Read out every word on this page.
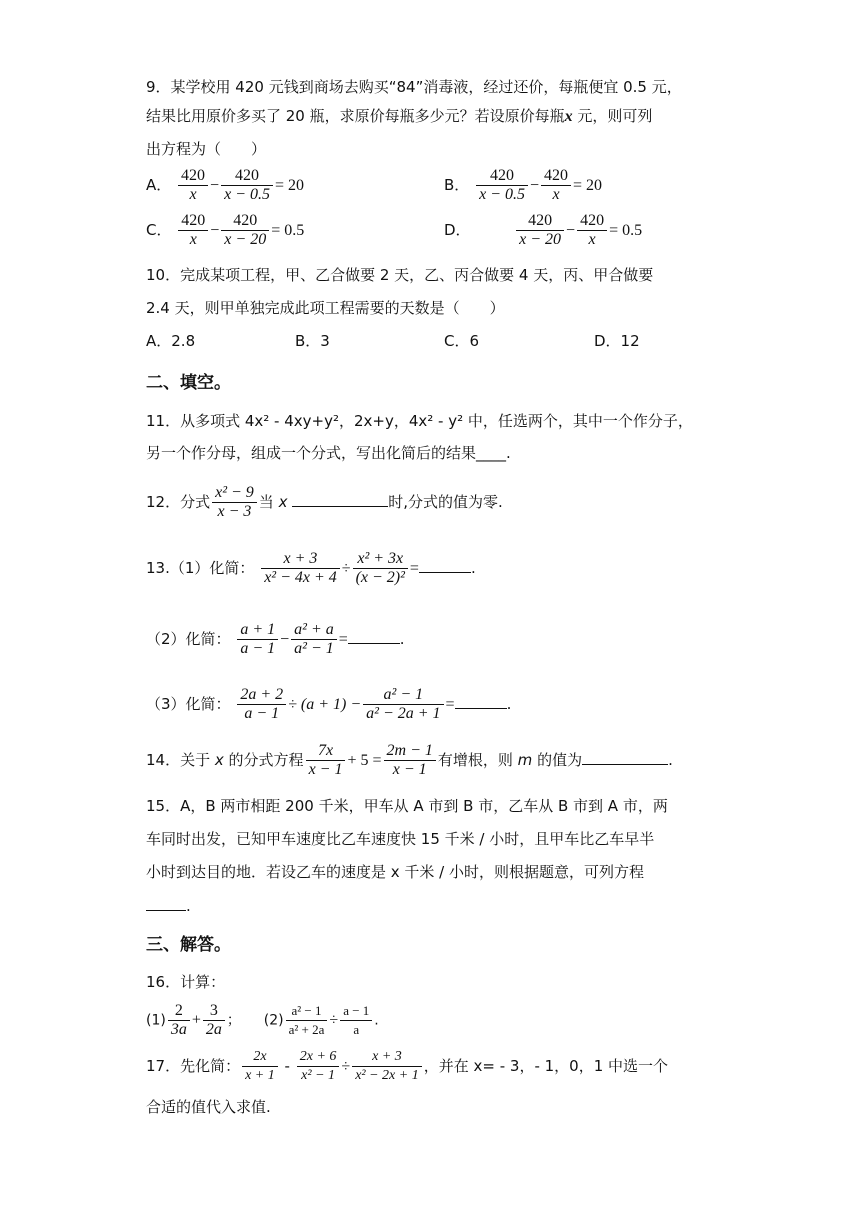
9．某学校用 420 元钱到商场去购买“84”消毒液，经过还价，每瓶便宜 0.5 元，
结果比用原价多买了 20 瓶，求原价每瓶多少元？若设原价每瓶x 元，则可列
出方程为（　　）
A． $\frac{420}{x} - \frac{420}{x - 0.5} = 20$	B． $\frac{420}{x - 0.5} - \frac{420}{x} = 20$
C． $\frac{420}{x} - \frac{420}{x - 20} = 0.5$	D．	$\frac{420}{x - 20} - \frac{420}{x} = 0.5$
10．完成某项工程，甲、乙合做要 2 天，乙、丙合做要 4 天，丙、甲合做要
2.4 天，则甲单独完成此项工程需要的天数是（　　）
A．2.8	B．3	C．6	D．12
二、填空。
11．从多项式 4x² - 4xy+y²，2x+y，4x² - y² 中，任选两个，其中一个作分子，
另一个作分母，组成一个分式，写出化简后的结果____.
12．分式 $\frac{\text{x² − 9}}{x - 3}$ 当 x	时,分式的值为零.
13.（1）化简： $\frac{x + 3}{\text{x² − 4x + 4}} \div \frac{\text{x² + 3x}}{\text{(x − 2)²}}$ =	.
（2）化简： $\frac{a + 1}{a - 1} - \frac{\text{a² + a}}{\text{a² − 1}}$ =	.
（3）化简： $\frac{2a + 2}{a - 1} \div (a + 1) - \frac{\text{a² − 1}}{\text{a² − 2a + 1}}$ =	.
14．关于 x 的分式方程 $\frac{7x}{x - 1} + 5 = \frac{2m - 1}{x - 1}$ 有增根，则 m 的值为	.
15．A，B 两市相距 200 千米，甲车从 A 市到 B 市，乙车从 B 市到 A 市，两
车同时出发，已知甲车速度比乙车速度快 15 千米 / 小时，且甲车比乙车早半
小时到达目的地．若设乙车的速度是 x 千米 / 小时，则根据题意，可列方程
.
三、解答。
16．计算：
$(1) \frac{2}{3a} + \frac{3}{2a}$ ； $(2) \frac{\text{a² − 1}}{\text{a² + 2a}} \div \frac{a - 1}{a}$ .
17．先化简： $\frac{2x}{x + 1} - \frac{2x + 6}{\text{x² − 1}} \div \frac{x + 3}{\text{x² − 2x + 1}}$ ，并在 x= - 3，- 1，0，1 中选一个
合适的值代入求值.
